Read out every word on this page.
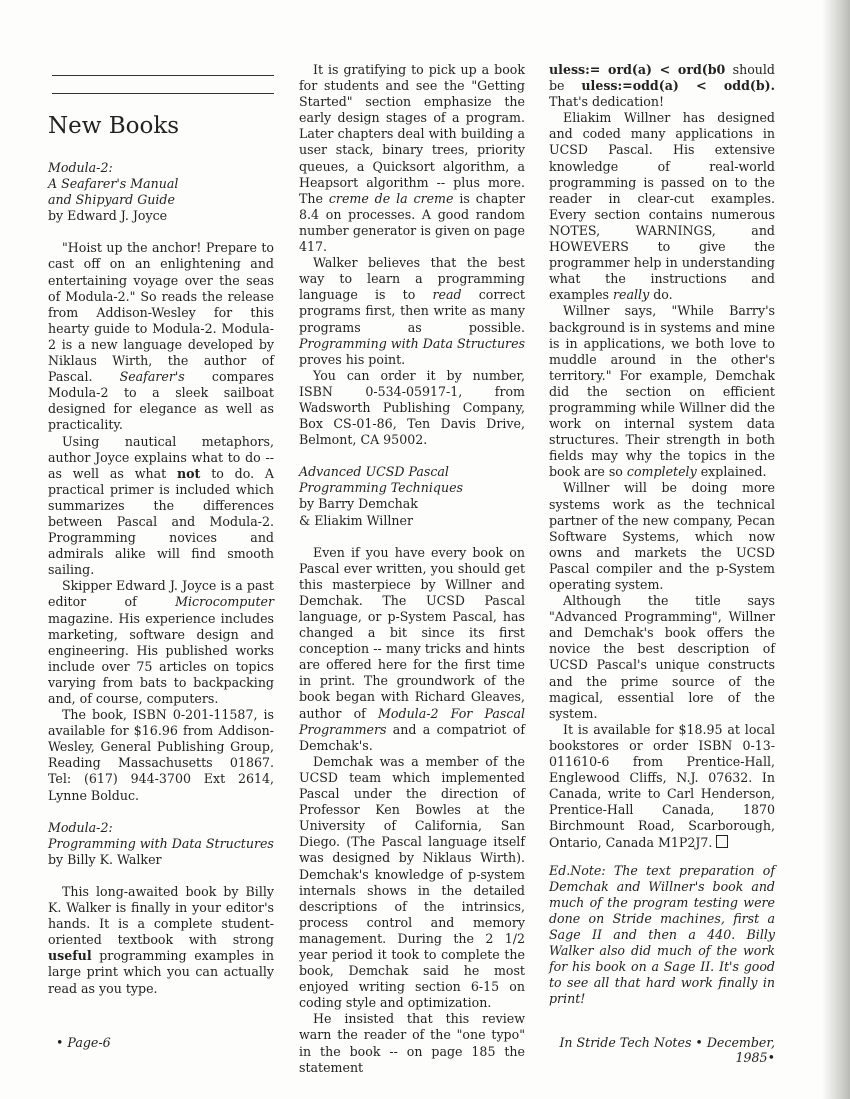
New Books
Modula-2:
A Seafarer's Manual
and Shipyard Guide
by Edward J. Joyce

"Hoist up the anchor! Prepare to cast off on an enlightening and entertaining voyage over the seas of Modula-2." So reads the release from Addison-Wesley for this hearty guide to Modula-2. Modula-2 is a new language developed by Niklaus Wirth, the author of Pascal. Seafarer's compares Modula-2 to a sleek sailboat designed for elegance as well as practicality.

Using nautical metaphors, author Joyce explains what to do -- as well as what not to do. A practical primer is included which summarizes the differences between Pascal and Modula-2. Programming novices and admirals alike will find smooth sailing.

Skipper Edward J. Joyce is a past editor of	Microcomputer magazine. His experience includes marketing, software design and engineering. His published works include over 75 articles on topics varying from bats to backpacking and, of course, computers.

The book, ISBN 0-201-11587, is available for $16.96 from Addison-Wesley, General Publishing Group, Reading Massachusetts 01867. Tel: (617) 944-3700 Ext 2614, Lynne Bolduc.

Modula-2:
Programming with Data Structures
by Billy K. Walker

This long-awaited book by Billy K. Walker is finally in your editor's hands. It is a complete student-oriented textbook with strong useful programming examples in large print which you can actually read as you type.

It is gratifying to pick up a book for students and see the "Getting Started" section emphasize the early design stages of a program. Later chapters deal with building a user stack, binary trees, priority queues, a Quicksort algorithm, a Heapsort algorithm -- plus more. The creme de la creme is chapter 8.4 on processes. A good random number generator is given on page 417.

Walker believes that the best way to learn a programming language is to read correct programs first, then write as many programs as possible. Programming with Data Structures proves his point.

You can order it by number, ISBN 0-534-05917-1, from Wadsworth Publishing Company, Box CS-01-86, Ten Davis Drive, Belmont, CA 95002.

Advanced UCSD Pascal
Programming Techniques
by Barry Demchak
& Eliakim Willner

Even if you have every book on Pascal ever written, you should get this masterpiece by Willner and Demchak. The UCSD Pascal language, or p-System Pascal, has changed a bit since its first conception -- many tricks and hints are offered here for the first time in print. The groundwork of the book began with Richard Gleaves, author of Modula-2 For Pascal Programmers and a compatriot of Demchak's.

Demchak was a member of the UCSD team which implemented Pascal under the direction of Professor Ken Bowles at the University of California, San Diego. (The Pascal language itself was designed by Niklaus Wirth). Demchak's knowledge of p-system internals shows in the detailed descriptions of the intrinsics, process control and memory management. During the 2 1/2 year period it took to complete the book, Demchak said he most enjoyed writing section 6-15 on coding style and optimization.

He insisted that this review warn the reader of the "one typo" in the book -- on page 185 the statement

uless:= ord(a) < ord(b0 should be uless:=odd(a) < odd(b). That's dedication!

Eliakim Willner has designed and coded many applications in UCSD Pascal. His extensive knowledge of real-world programming is passed on to the reader in clear-cut examples. Every section contains numerous NOTES, WARNINGS, and HOWEVERS to give the programmer help in understanding what the instructions and examples really do.

Willner says, "While Barry's background is in systems and mine is in applications, we both love to muddle around in the other's territory." For example, Demchak did the section on efficient programming while Willner did the work on internal system data structures. Their strength in both fields may why the topics in the book are so completely explained.

Willner will be doing more systems work as the technical partner of the new company, Pecan Software Systems, which now owns and markets the UCSD Pascal compiler and the p-System operating system.

Although the title says "Advanced Programming", Willner and Demchak's book offers the novice the best description of UCSD Pascal's unique constructs and the prime source of the magical, essential lore of the system.

It is available for $18.95 at local bookstores or order ISBN 0-13-011610-6 from Prentice-Hall, Englewood Cliffs, N.J. 07632. In Canada, write to Carl Henderson, Prentice-Hall Canada, 1870 Birchmount Road, Scarborough, Ontario, Canada M1P2J7.

Ed.Note: The text preparation of Demchak and Willner's book and much of the program testing were done on Stride machines, first a Sage II and then a 440. Billy Walker also did much of the work for his book on a Sage II. It's good to see all that hard work finally in print!

• Page-6	In Stride Tech Notes • December, 1985•
